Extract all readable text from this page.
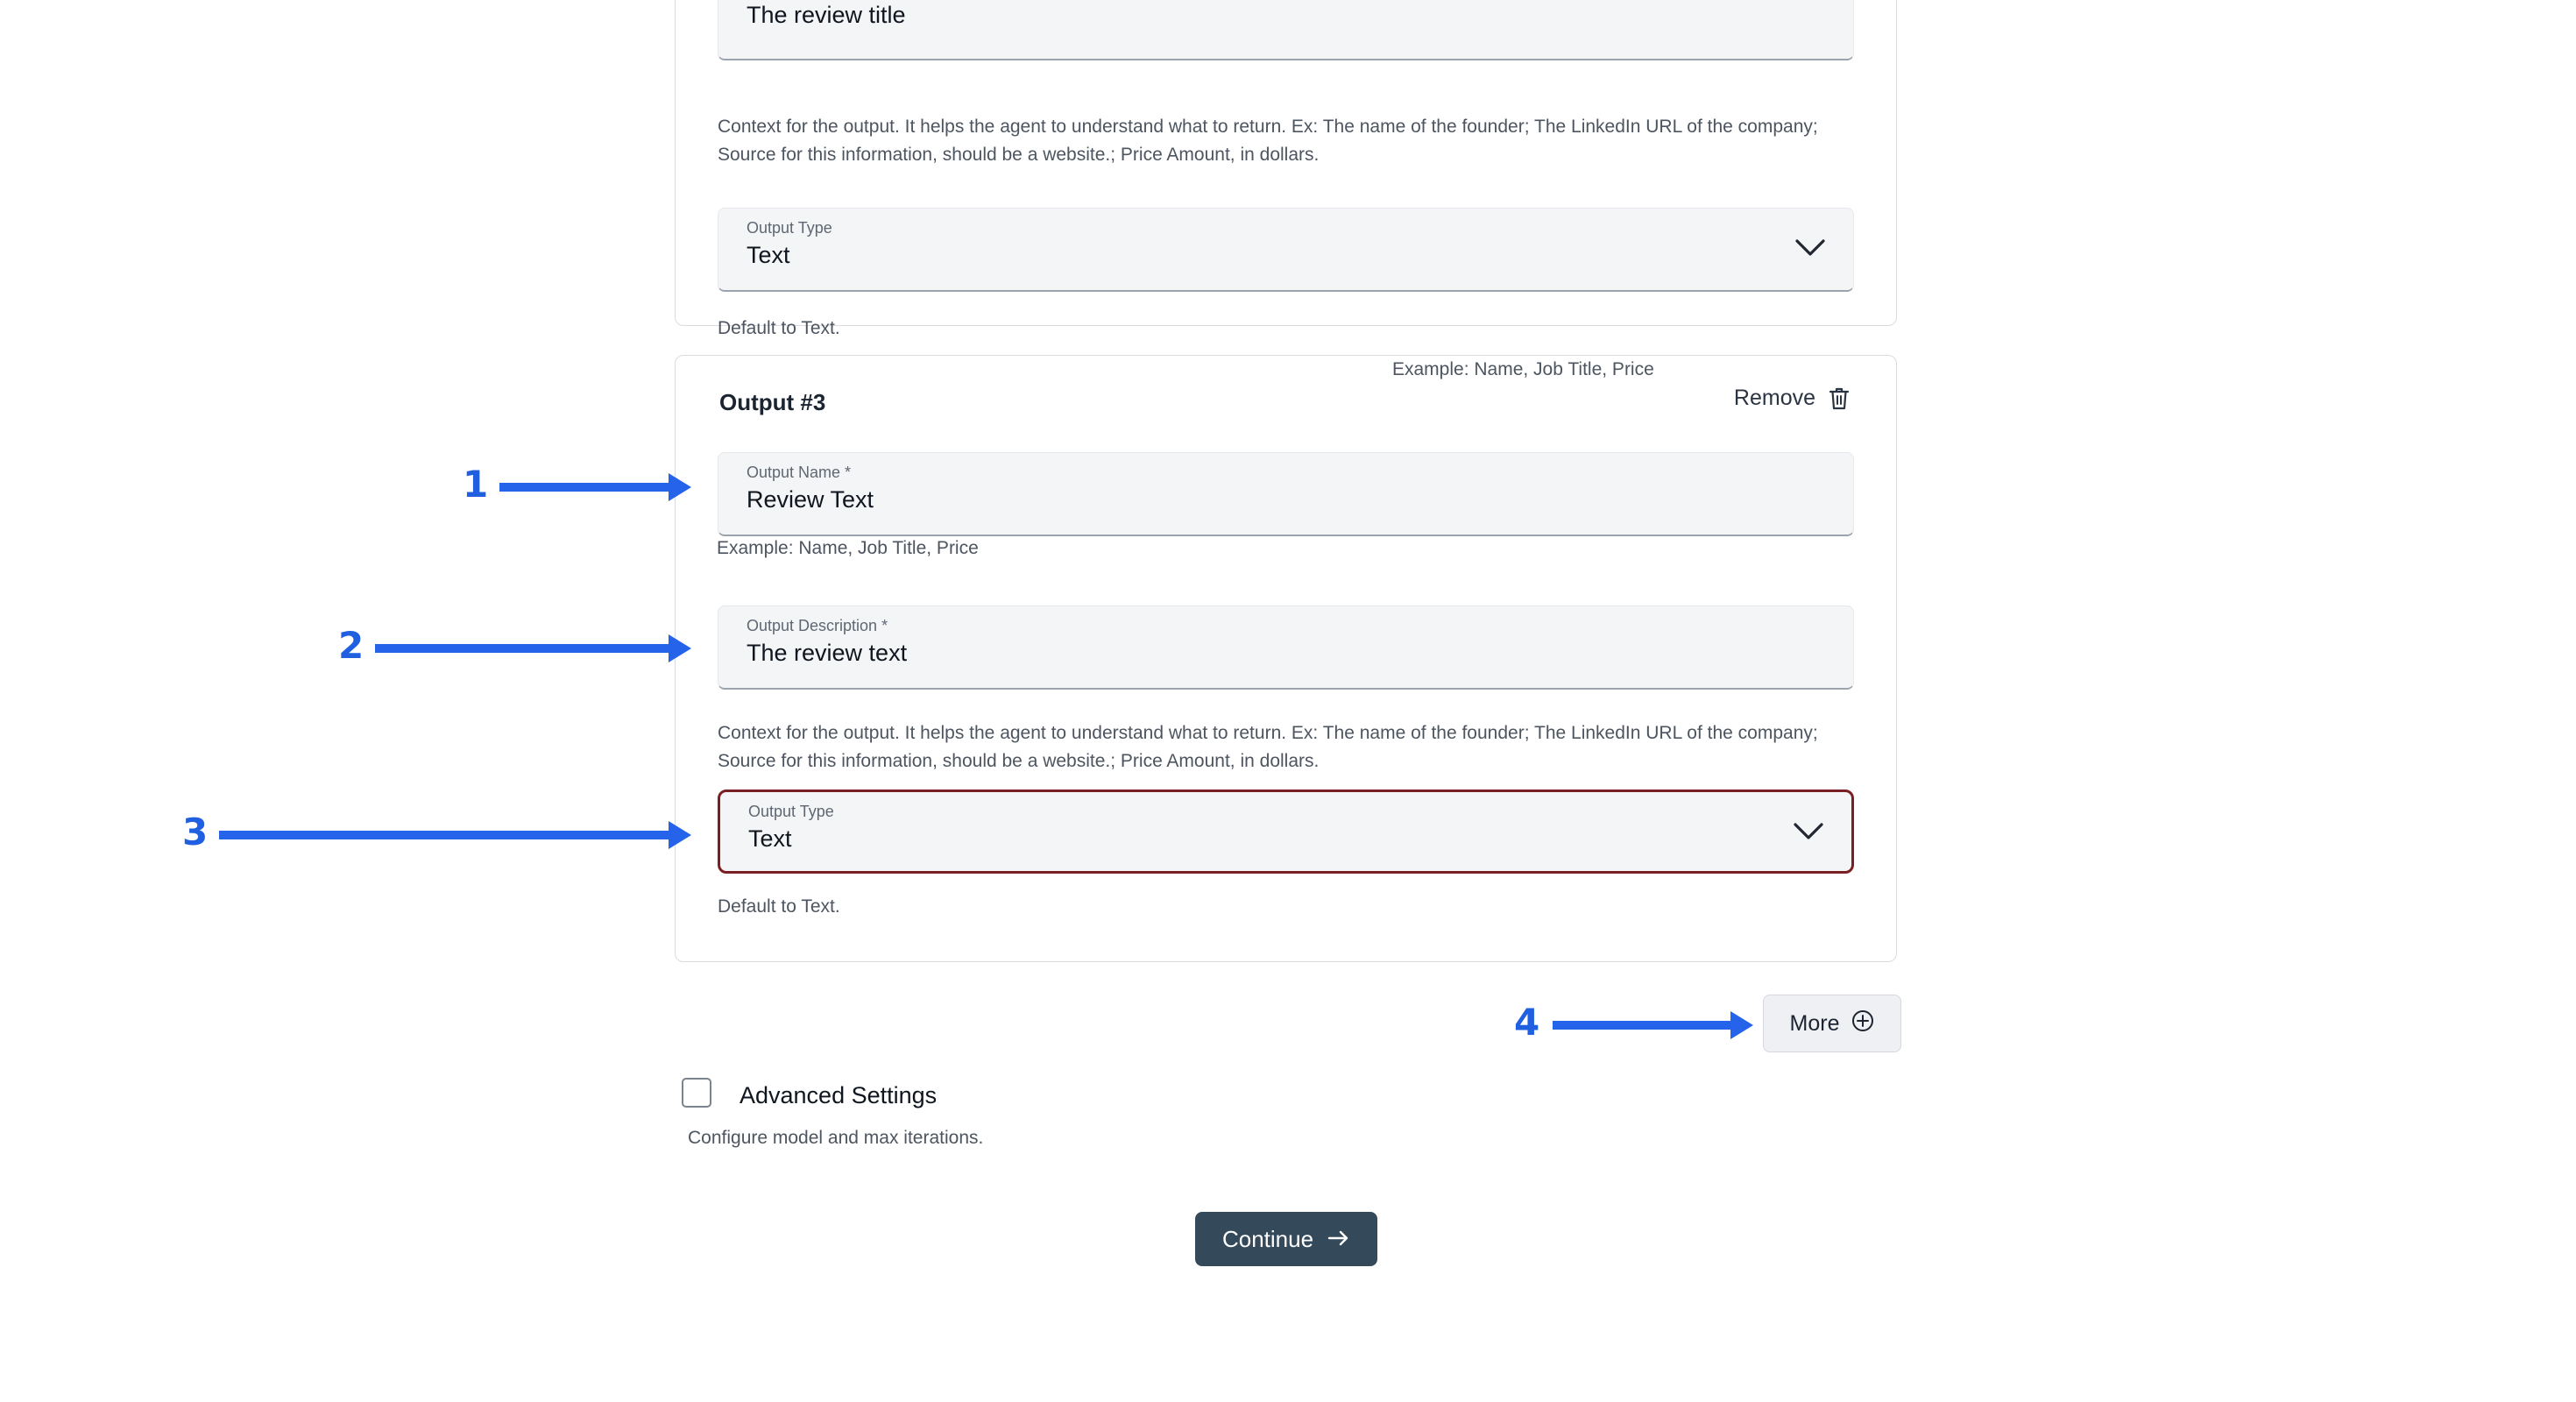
The review title
Context for the output. It helps the agent to understand what to return. Ex: The name of the founder; The LinkedIn URL of the company; Source for this information, should be a website.; Price Amount, in dollars.
Output Type
Text
Default to Text.
Output #3	Remove
Output Name *
Review Text
Example: Name, Job Title, Price
Output Description *
The review text
Context for the output. It helps the agent to understand what to return. Ex: The name of the founder; The LinkedIn URL of the company; Source for this information, should be a website.; Price Amount, in dollars.
Output Type
Text
Default to Text.
Example: Name, Job Title, Price
More
Advanced Settings
Configure model and max iterations.
Continue
1
2
3
4
